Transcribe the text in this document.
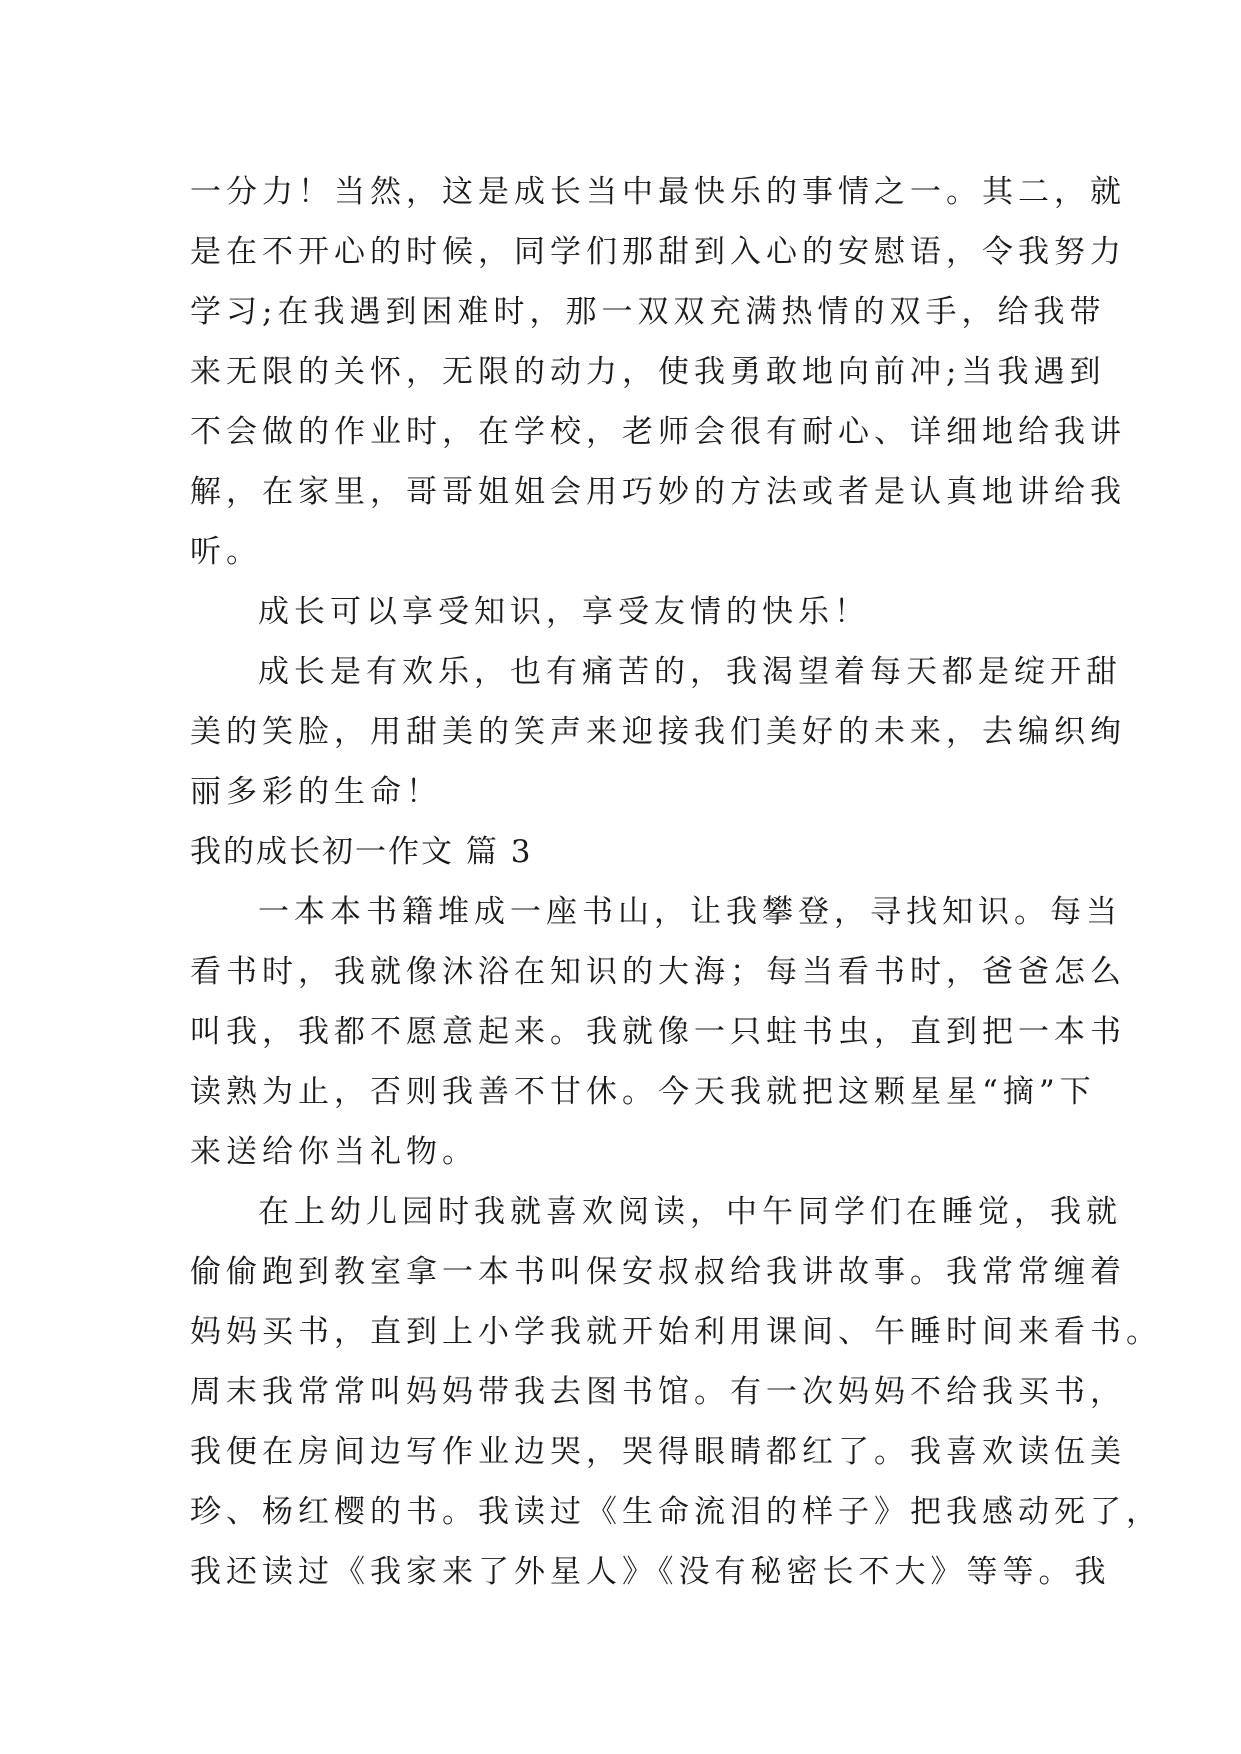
一分力！当然，这是成长当中最快乐的事情之一。其二，就
是在不开心的时候，同学们那甜到入心的安慰语，令我努力
学习;在我遇到困难时，那一双双充满热情的双手，给我带
来无限的关怀，无限的动力，使我勇敢地向前冲;当我遇到
不会做的作业时，在学校，老师会很有耐心、详细地给我讲
解，在家里，哥哥姐姐会用巧妙的方法或者是认真地讲给我
听。
成长可以享受知识，享受友情的快乐！
成长是有欢乐，也有痛苦的，我渴望着每天都是绽开甜
美的笑脸，用甜美的笑声来迎接我们美好的未来，去编织绚
丽多彩的生命！
我的成长初一作文 篇 3
一本本书籍堆成一座书山，让我攀登，寻找知识。每当
看书时，我就像沐浴在知识的大海；每当看书时，爸爸怎么
叫我，我都不愿意起来。我就像一只蛀书虫，直到把一本书
读熟为止，否则我善不甘休。今天我就把这颗星星“摘”下
来送给你当礼物。
在上幼儿园时我就喜欢阅读，中午同学们在睡觉，我就
偷偷跑到教室拿一本书叫保安叔叔给我讲故事。我常常缠着
妈妈买书，直到上小学我就开始利用课间、午睡时间来看书。
周末我常常叫妈妈带我去图书馆。有一次妈妈不给我买书，
我便在房间边写作业边哭，哭得眼睛都红了。我喜欢读伍美
珍、杨红樱的书。我读过《生命流泪的样子》把我感动死了，
我还读过《我家来了外星人》《没有秘密长不大》等等。我
